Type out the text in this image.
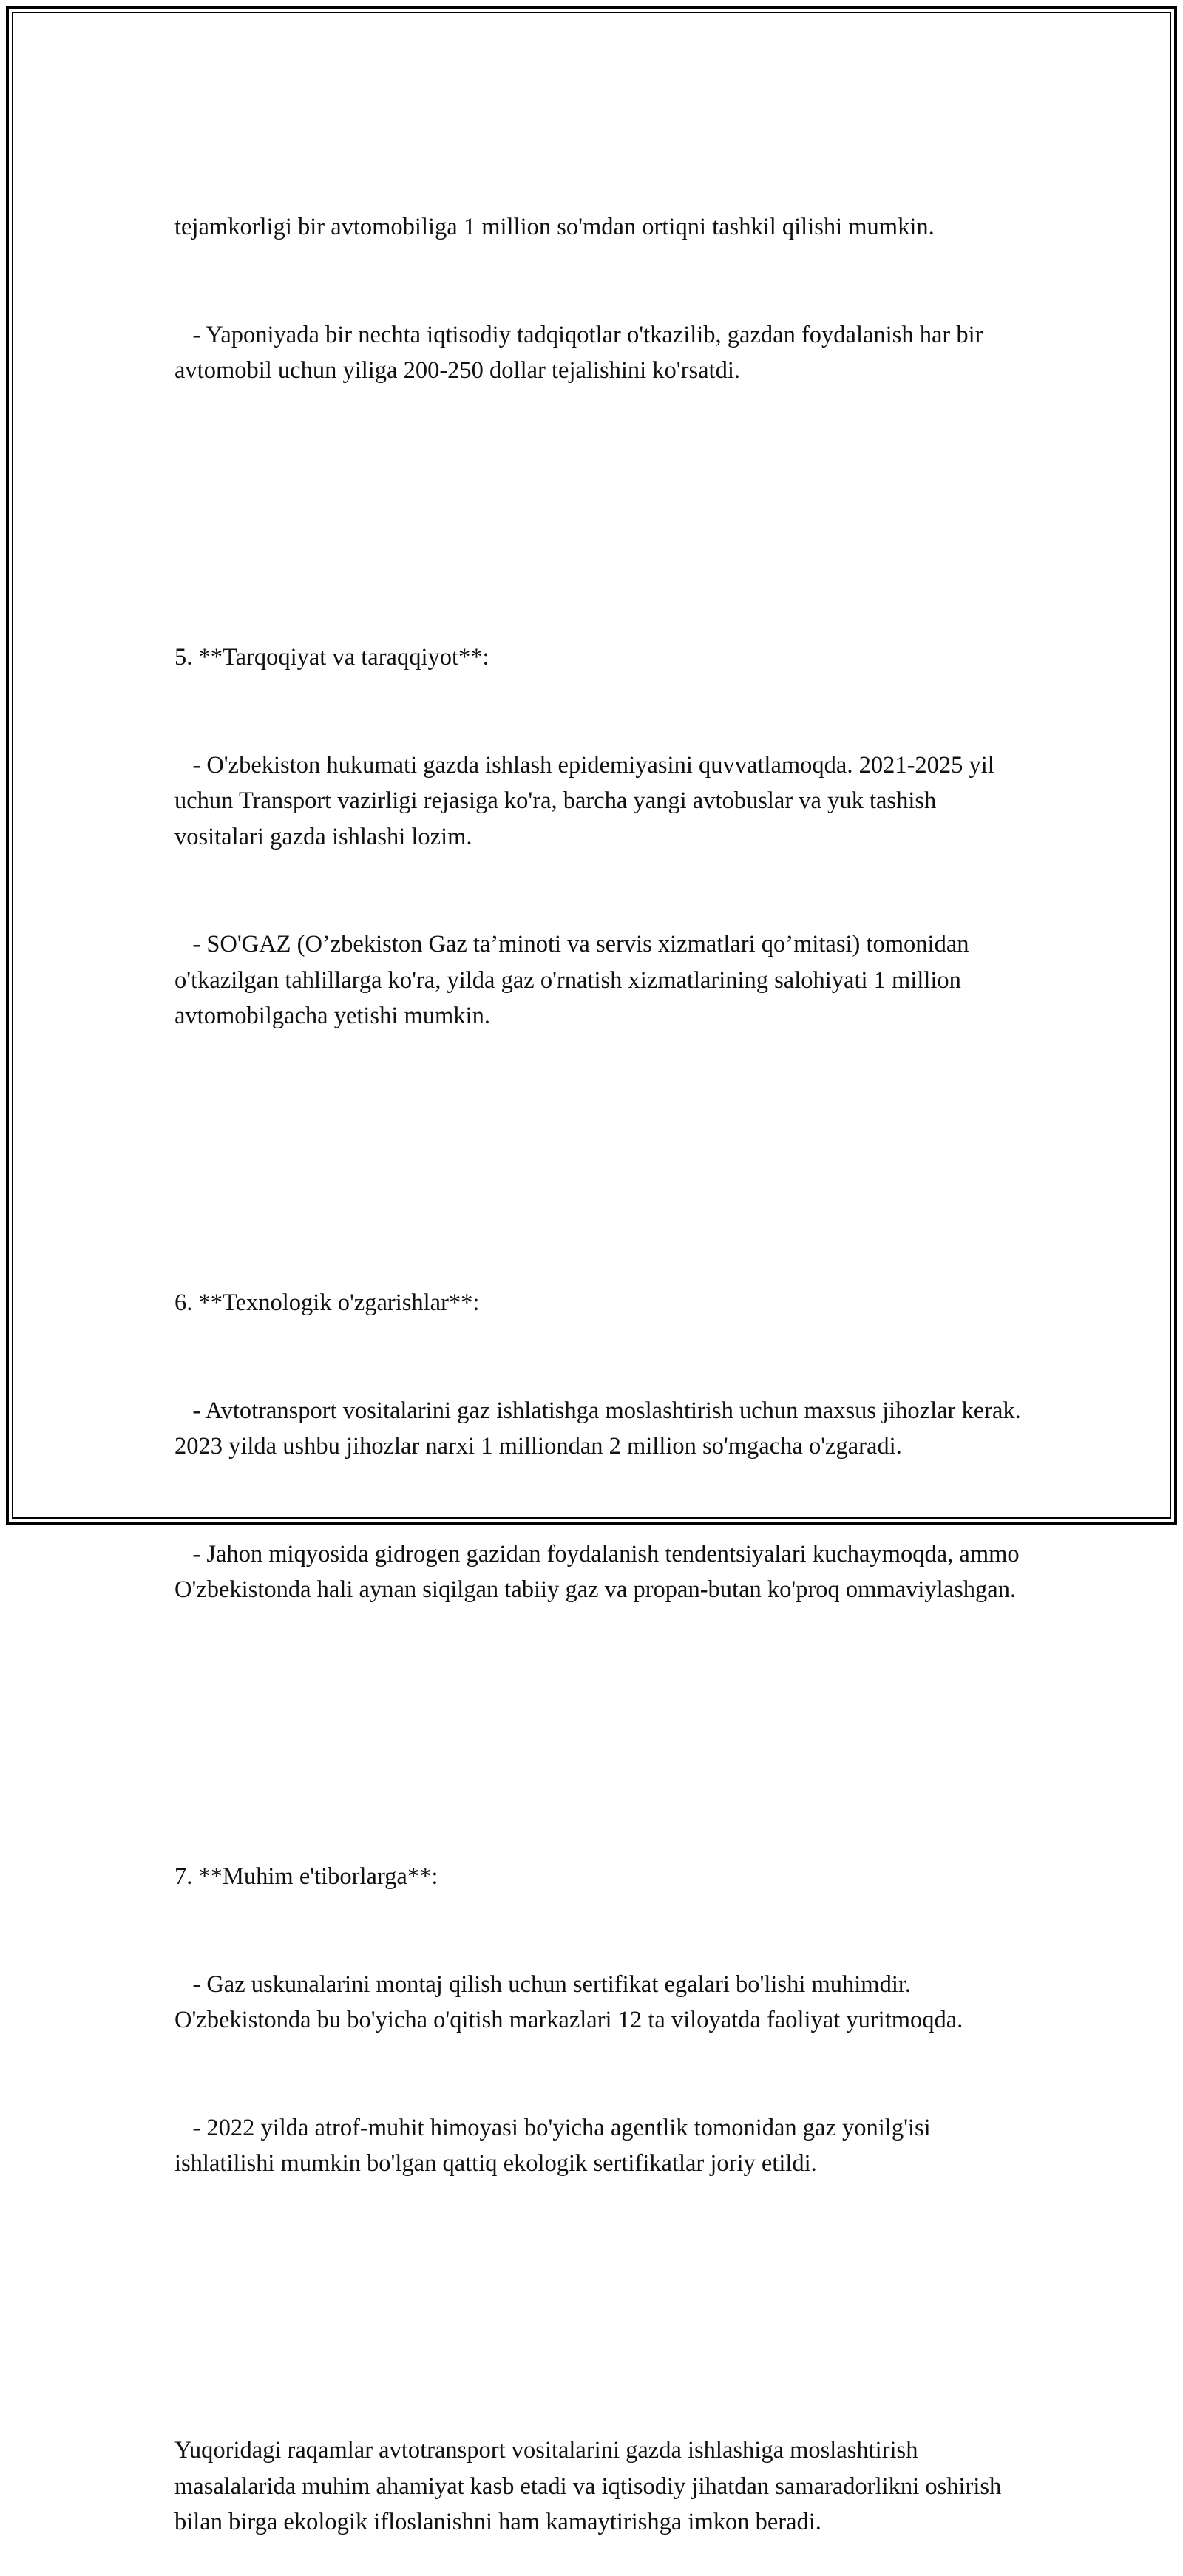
tejamkorligi bir avtomobiliga 1 million so'mdan ortiqni tashkil qilishi mumkin.

- Yaponiyada bir nechta iqtisodiy tadqiqotlar o'tkazilib, gazdan foydalanish har bir avtomobil uchun yiliga 200-250 dollar tejalishini ko'rsatdi.

5. **Tarqoqiyat va taraqqiyot**:

- O'zbekiston hukumati gazda ishlash epidemiyasini quvvatlamoqda. 2021-2025 yil uchun Transport vazirligi rejasiga ko'ra, barcha yangi avtobuslar va yuk tashish vositalari gazda ishlashi lozim.

- SO'GAZ (O’zbekiston Gaz ta’minoti va servis xizmatlari qo’mitasi) tomonidan o'tkazilgan tahlillarga ko'ra, yilda gaz o'rnatish xizmatlarining salohiyati 1 million avtomobilgacha yetishi mumkin.

6. **Texnologik o'zgarishlar**:

- Avtotransport vositalarini gaz ishlatishga moslashtirish uchun maxsus jihozlar kerak. 2023 yilda ushbu jihozlar narxi 1 milliondan 2 million so'mgacha o'zgaradi.

- Jahon miqyosida gidrogen gazidan foydalanish tendentsiyalari kuchaymoqda, ammo O'zbekistonda hali aynan siqilgan tabiiy gaz va propan-butan ko'proq ommaviylashgan.

7. **Muhim e'tiborlarga**:

- Gaz uskunalarini montaj qilish uchun sertifikat egalari bo'lishi muhimdir. O'zbekistonda bu bo'yicha o'qitish markazlari 12 ta viloyatda faoliyat yuritmoqda.

- 2022 yilda atrof-muhit himoyasi bo'yicha agentlik tomonidan gaz yonilg'isi ishlatilishi mumkin bo'lgan qattiq ekologik sertifikatlar joriy etildi.

Yuqoridagi raqamlar avtotransport vositalarini gazda ishlashiga moslashtirish masalalarida muhim ahamiyat kasb etadi va iqtisodiy jihatdan samaradorlikni oshirish bilan birga ekologik ifloslanishni ham kamaytirishga imkon beradi.
